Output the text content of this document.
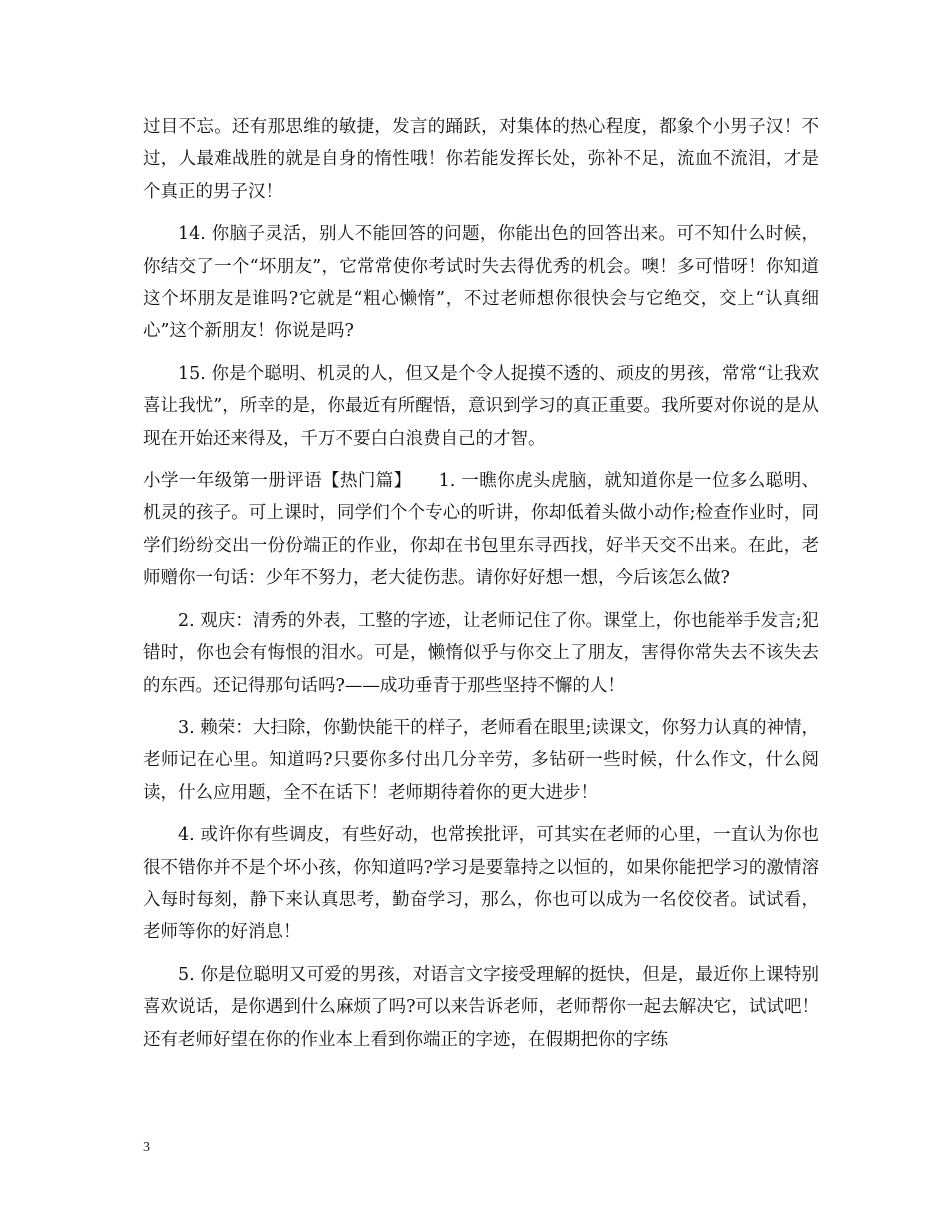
过目不忘。还有那思维的敏捷，发言的踊跃，对集体的热心程度，都象个小男子汉！不过，人最难战胜的就是自身的惰性哦！你若能发挥长处，弥补不足，流血不流泪，才是个真正的男子汉！

14. 你脑子灵活，别人不能回答的问题，你能出色的回答出来。可不知什么时候，你结交了一个“坏朋友”，它常常使你考试时失去得优秀的机会。噢！多可惜呀！你知道这个坏朋友是谁吗?它就是“粗心懒惰”，不过老师想你很快会与它绝交，交上“认真细心”这个新朋友！你说是吗?

15. 你是个聪明、机灵的人，但又是个令人捉摸不透的、顽皮的男孩，常常“让我欢喜让我忧”，所幸的是，你最近有所醒悟，意识到学习的真正重要。我所要对你说的是从现在开始还来得及，千万不要白白浪费自己的才智。

小学一年级第一册评语【热门篇】　　1. 一瞧你虎头虎脑，就知道你是一位多么聪明、机灵的孩子。可上课时，同学们个个专心的听讲，你却低着头做小动作;检查作业时，同学们纷纷交出一份份端正的作业，你却在书包里东寻西找，好半天交不出来。在此，老师赠你一句话：少年不努力，老大徒伤悲。请你好好想一想，今后该怎么做?

2. 观庆：清秀的外表，工整的字迹，让老师记住了你。课堂上，你也能举手发言;犯错时，你也会有悔恨的泪水。可是，懒惰似乎与你交上了朋友，害得你常失去不该失去的东西。还记得那句话吗?——成功垂青于那些坚持不懈的人！

3. 赖荣：大扫除，你勤快能干的样子，老师看在眼里;读课文，你努力认真的神情，老师记在心里。知道吗?只要你多付出几分辛劳，多钻研一些时候，什么作文，什么阅读，什么应用题，全不在话下！老师期待着你的更大进步！

4. 或许你有些调皮，有些好动，也常挨批评，可其实在老师的心里，一直认为你也很不错你并不是个坏小孩，你知道吗?学习是要靠持之以恒的，如果你能把学习的激情溶入每时每刻，静下来认真思考，勤奋学习，那么，你也可以成为一名佼佼者。试试看，老师等你的好消息！

5. 你是位聪明又可爱的男孩，对语言文字接受理解的挺快，但是，最近你上课特别喜欢说话，是你遇到什么麻烦了吗?可以来告诉老师，老师帮你一起去解决它，试试吧！还有老师好望在你的作业本上看到你端正的字迹，在假期把你的字练

3
